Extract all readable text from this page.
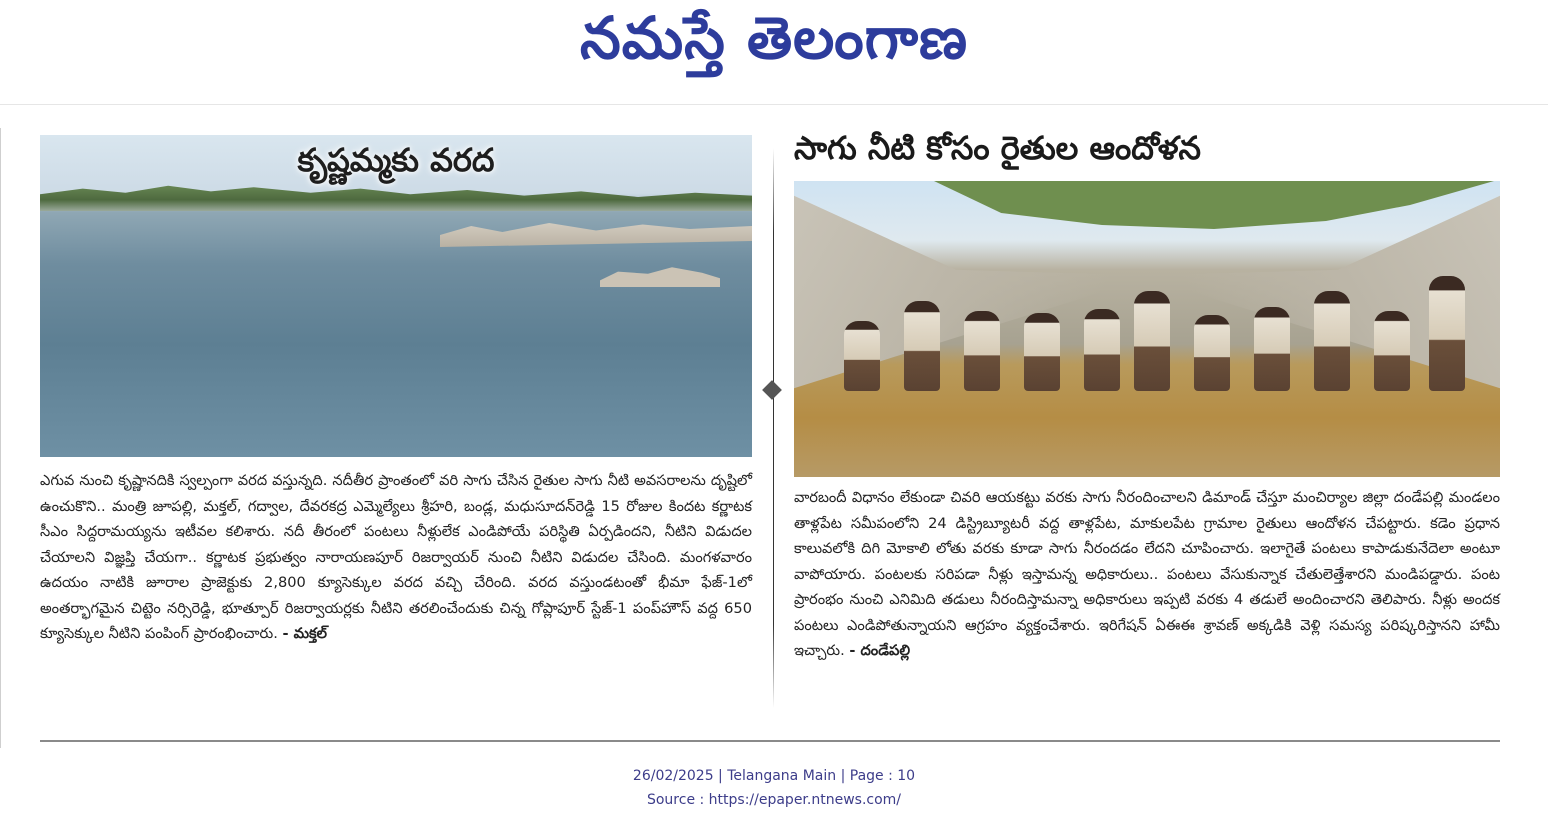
నమస్తే తెలంగాణ
కృష్ణమ్మకు వరద
ఎగువ నుంచి కృష్ణానదికి స్వల్పంగా వరద వస్తున్నది. నదీతీర ప్రాంతంలో వరి సాగు చేసిన రైతుల సాగు నీటి అవసరాలను దృష్టిలో ఉంచుకొని.. మంత్రి జూపల్లి, మక్తల్, గద్వాల, దేవరకద్ర ఎమ్మెల్యేలు శ్రీహరి, బండ్ల, మధుసూదన్‌రెడ్డి 15 రోజుల కిందట కర్ణాటక సీఎం సిద్దరామయ్యను ఇటీవల కలిశారు. నదీ తీరంలో పంటలు నీళ్లులేక ఎండిపోయే పరిస్థితి ఏర్పడిందని, నీటిని విడుదల చేయాలని విజ్ఞప్తి చేయగా.. కర్ణాటక ప్రభుత్వం నారాయణపూర్ రిజర్వాయర్ నుంచి నీటిని విడుదల చేసింది. మంగళవారం ఉదయం నాటికి జూరాల ప్రాజెక్టుకు 2,800 క్యూసెక్కుల వరద వచ్చి చేరింది. వరద వస్తుండటంతో భీమా ఫేజ్-1లో అంతర్భాగమైన చిట్టెం నర్సిరెడ్డి, భూత్పూర్ రిజర్వాయర్లకు నీటిని తరలించేందుకు చిన్న గోప్లాపూర్ స్టేజ్-1 పంప్‌హౌస్ వద్ద 650 క్యూసెక్కుల నీటిని పంపింగ్ ప్రారంభించారు. - మక్తల్
సాగు నీటి కోసం రైతుల ఆందోళన
వారబందీ విధానం లేకుండా చివరి ఆయకట్టు వరకు సాగు నీరందించాలని డిమాండ్ చేస్తూ మంచిర్యాల జిల్లా దండేపల్లి మండలం తాళ్లపేట సమీపంలోని 24 డిస్ట్రిబ్యూటరీ వద్ద తాళ్లపేట, మాకులపేట గ్రామాల రైతులు ఆందోళన చేపట్టారు. కడెం ప్రధాన కాలువలోకి దిగి మోకాలి లోతు వరకు కూడా సాగు నీరందడం లేదని చూపించారు. ఇలాగైతే పంటలు కాపాడుకునేదెలా అంటూ వాపోయారు. పంటలకు సరిపడా నీళ్లు ఇస్తామన్న అధికారులు.. పంటలు వేసుకున్నాక చేతులెత్తేశారని మండిపడ్డారు. పంట ప్రారంభం నుంచి ఎనిమిది తడులు నీరందిస్తామన్నా అధికారులు ఇప్పటి వరకు 4 తడులే అందించారని తెలిపారు. నీళ్లు అందక పంటలు ఎండిపోతున్నాయని ఆగ్రహం వ్యక్తంచేశారు. ఇరిగేషన్ ఏఈఈ శ్రావణ్ అక్కడికి వెళ్లి సమస్య పరిష్కరిస్తానని హామీ ఇచ్చారు. - దండేపల్లి
26/02/2025 | Telangana Main | Page : 10
Source : https://epaper.ntnews.com/
